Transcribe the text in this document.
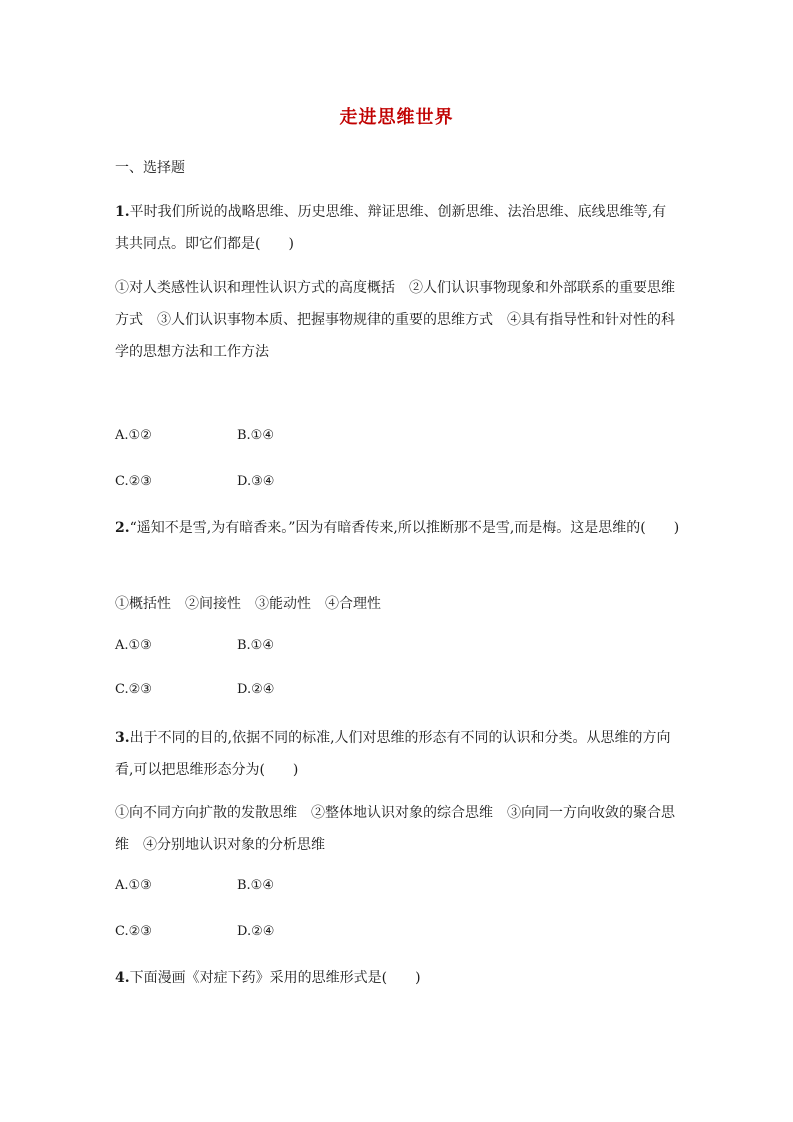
走进思维世界
一、选择题
1.平时我们所说的战略思维、历史思维、辩证思维、创新思维、法治思维、底线思维等,有其共同点。即它们都是(　　)
①对人类感性认识和理性认识方式的高度概括　②人们认识事物现象和外部联系的重要思维方式　③人们认识事物本质、把握事物规律的重要的思维方式　④具有指导性和针对性的科学的思想方法和工作方法
A.①②	B.①④
C.②③	D.③④
2.“遥知不是雪,为有暗香来。”因为有暗香传来,所以推断那不是雪,而是梅。这是思维的(　　)
①概括性　②间接性　③能动性　④合理性
A.①③	B.①④
C.②③	D.②④
3.出于不同的目的,依据不同的标准,人们对思维的形态有不同的认识和分类。从思维的方向看,可以把思维形态分为(　　)
①向不同方向扩散的发散思维　②整体地认识对象的综合思维　③向同一方向收敛的聚合思维　④分别地认识对象的分析思维
A.①③	B.①④
C.②③	D.②④
4.下面漫画《对症下药》采用的思维形式是(　　)
